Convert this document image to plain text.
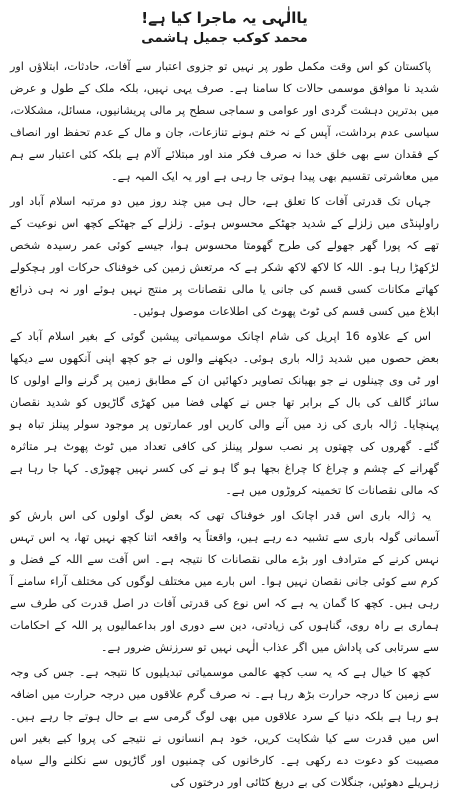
یاالٰہی یہ ماجرا کیا ہے!
محمد کوکب جمیل ہاشمی

پاکستان کو اس وقت مکمل طور پر نہیں تو جزوی اعتبار سے آفات، حادثات، ابتلاؤں اور شدید نا موافق موسمی حالات کا سامنا ہے۔ صرف یہی نہیں، بلکہ ملک کے طول و عرض میں بدترین دہشت گردی اور عوامی و سماجی سطح پر مالی پریشانیوں، مسائل، مشکلات، سیاسی عدم برداشت، آپس کے نہ ختم ہونے تنازعات، جان و مال کے عدم تحفظ اور انصاف کے فقدان سے بھی خلق خدا نہ صرف فکر مند اور مبتلائے آلام ہے بلکہ کئی اعتبار سے ہم میں معاشرتی تقسیم بھی پیدا ہوتی جا رہی ہے اور یہ ایک المیہ ہے۔

جہاں تک قدرتی آفات کا تعلق ہے، حال ہی میں چند روز میں دو مرتبہ اسلام آباد اور راولپنڈی میں زلزلے کے شدید جھٹکے محسوس ہوئے۔ زلزلے کے جھٹکے کچھ اس نوعیت کے تھے کہ پورا گھر جھولے کی طرح گھومتا محسوس ہوا، جیسے کوئی عمر رسیدہ شخص لڑکھڑا رہا ہو۔ اللہ کا لاکھ لاکھ شکر ہے کہ مرتعش زمین کی خوفناک حرکات اور ہچکولے کھاتے مکانات کسی قسم کی جانی یا مالی نقصانات پر منتج نہیں ہوئے اور نہ ہی ذرائع ابلاغ میں کسی قسم کی ٹوٹ پھوٹ کی اطلاعات موصول ہوئیں۔

اس کے علاوہ 16 اپریل کی شام اچانک موسمیاتی پیشین گوئی کے بغیر اسلام آباد کے بعض حصوں میں شدید ژالہ باری ہوئی۔ دیکھنے والوں نے جو کچھ اپنی آنکھوں سے دیکھا اور ٹی وی چینلوں نے جو بھیانک تصاویر دکھائیں ان کے مطابق زمین پر گرنے والے اولوں کا سائز گالف کی بال کے برابر تھا جس نے کھلی فضا میں کھڑی گاڑیوں کو شدید نقصان پہنچایا۔ ژالہ باری کی زد میں آنے والی کاریں اور عمارتوں پر موجود سولر پینلز تباہ ہو گئے۔ گھروں کی چھتوں پر نصب سولر پینلز کی کافی تعداد میں ٹوٹ پھوٹ ہر متاثرہ گھرانے کے چشم و چراغ کا چراغ بجھا ہو گا ہو نے کی کسر نہیں چھوڑی۔ کہا جا رہا ہے کہ مالی نقصانات کا تخمینہ کروڑوں میں ہے۔

یہ ژالہ باری اس قدر اچانک اور خوفناک تھی کہ بعض لوگ اولوں کی اس بارش کو آسمانی گولہ باری سے تشبیہ دے رہے ہیں، واقعتاً یہ واقعہ اتنا کچھ نہیں تھا، یہ اس تہس نہس کرنے کے مترادف اور بڑے مالی نقصانات کا نتیجہ ہے۔ اس آفت سے اللہ کے فضل و کرم سے کوئی جانی نقصان نہیں ہوا۔ اس بارے میں مختلف لوگوں کی مختلف آراء سامنے آ رہی ہیں۔ کچھ کا گمان یہ ہے کہ اس نوع کی قدرتی آفات در اصل قدرت کی طرف سے ہماری بے راہ روی، گناہوں کی زیادتی، دین سے دوری اور بداعمالیوں پر اللہ کے احکامات سے سرتابی کی پاداش میں اگر عذاب الٰہی نہیں تو سرزنش ضرور ہے۔

کچھ کا خیال ہے کہ یہ سب کچھ عالمی موسمیاتی تبدیلیوں کا نتیجہ ہے۔ جس کی وجہ سے زمین کا درجہ حرارت بڑھ رہا ہے۔ نہ صرف گرم علاقوں میں درجہ حرارت میں اضافہ ہو رہا ہے بلکہ دنیا کے سرد علاقوں میں بھی لوگ گرمی سے بے حال ہوتے جا رہے ہیں۔ اس میں قدرت سے کیا شکایت کریں، خود ہم انسانوں نے نتیجے کی پروا کیے بغیر اس مصیبت کو دعوت دے رکھی ہے۔ کارخانوں کی چمنیوں اور گاڑیوں سے نکلنے والے سیاہ زہریلے دھوئیں، جنگلات کی بے دریغ کٹائی اور درختوں کی
